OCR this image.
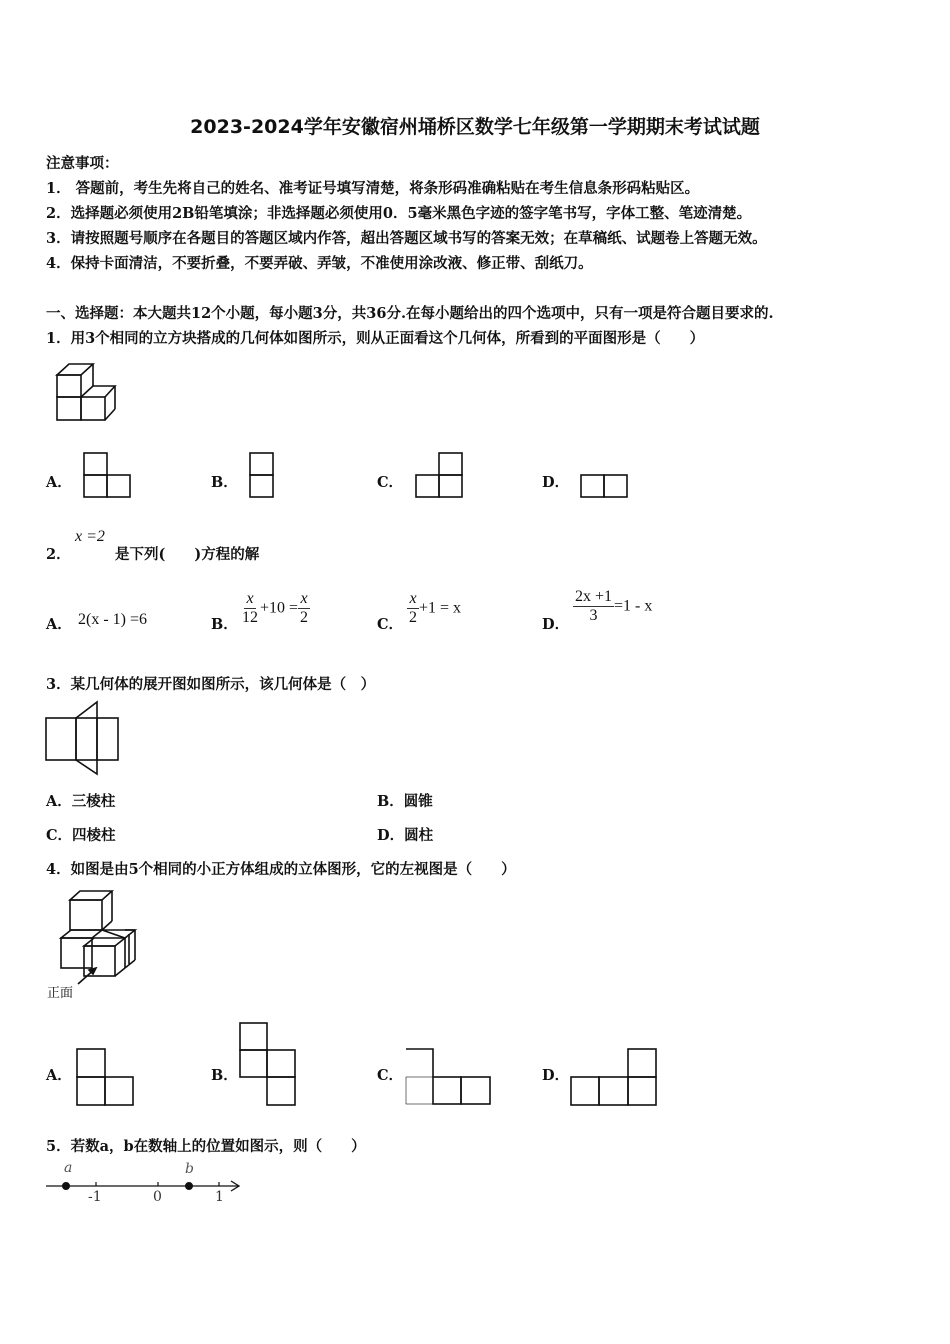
2023-2024学年安徽宿州埇桥区数学七年级第一学期期末考试试题
注意事项：
1． 答题前，考生先将自己的姓名、准考证号填写清楚，将条形码准确粘贴在考生信息条形码粘贴区。
2．选择题必须使用2B铅笔填涂；非选择题必须使用0．5毫米黑色字迹的签字笔书写，字体工整、笔迹清楚。
3．请按照题号顺序在各题目的答题区域内作答，超出答题区域书写的答案无效；在草稿纸、试题卷上答题无效。
4．保持卡面清洁，不要折叠，不要弄破、弄皱，不准使用涂改液、修正带、刮纸刀。
一、选择题：本大题共12个小题，每小题3分，共36分.在每小题给出的四个选项中，只有一项是符合题目要求的.
1．用3个相同的立方块搭成的几何体如图所示，则从正面看这个几何体，所看到的平面图形是（　　）
A．	B．	C．	D．
2．
x =2
是下列(　　)方程的解
A． 2(x - 1) =6	B． $\frac{x}{12} +10 = \frac{x}{2}$	C． $\frac{x}{2} +1 = x$
D． $\frac{2x +1}{3} =1 - x$
3．某几何体的展开图如图所示，该几何体是（　）
A．三棱柱	B．圆锥
C．四棱柱	D．圆柱
4．如图是由5个相同的小正方体组成的立体图形，它的左视图是（　　）
正面
A．	B．	C．	D．
5．若数a，b在数轴上的位置如图示，则（　　）
a	b
-1	0	1
